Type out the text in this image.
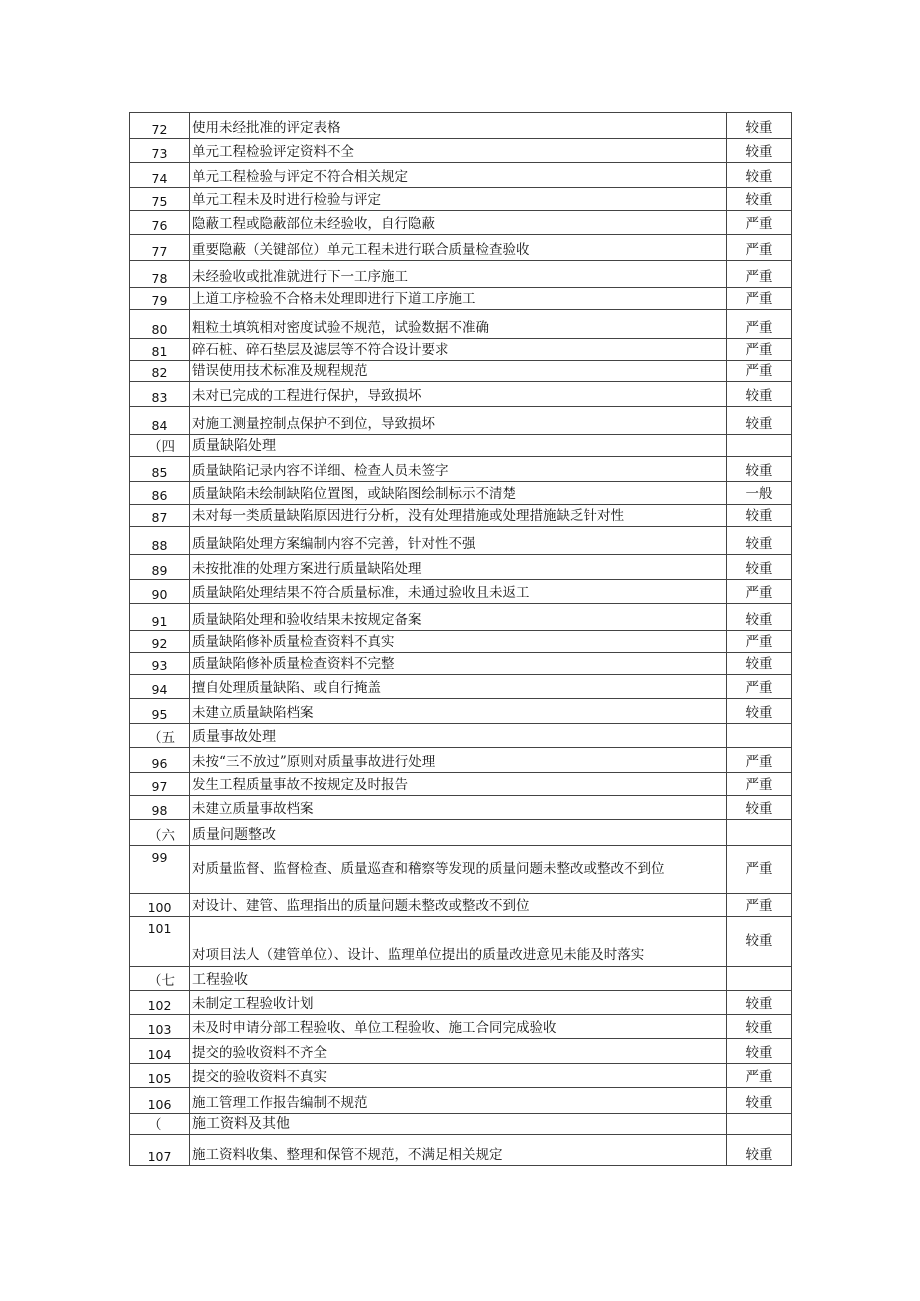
72	使用未经批准的评定表格	较重
73	单元工程检验评定资料不全	较重
74	单元工程检验与评定不符合相关规定	较重
75	单元工程未及时进行检验与评定	较重
76	隐蔽工程或隐蔽部位未经验收，自行隐蔽	严重
77	重要隐蔽（关键部位）单元工程未进行联合质量检查验收	严重
78	未经验收或批准就进行下一工序施工	严重
79	上道工序检验不合格未处理即进行下道工序施工	严重
80	粗粒土填筑相对密度试验不规范，试验数据不准确	严重
81	碎石桩、碎石垫层及滤层等不符合设计要求	严重
82	错误使用技术标准及规程规范	严重
83	未对已完成的工程进行保护，导致损坏	较重
84	对施工测量控制点保护不到位，导致损坏	较重
（四	质量缺陷处理	
85	质量缺陷记录内容不详细、检查人员未签字	较重
86	质量缺陷未绘制缺陷位置图，或缺陷图绘制标示不清楚	一般
87	未对每一类质量缺陷原因进行分析，没有处理措施或处理措施缺乏针对性	较重
88	质量缺陷处理方案编制内容不完善，针对性不强	较重
89	未按批准的处理方案进行质量缺陷处理	较重
90	质量缺陷处理结果不符合质量标准，未通过验收且未返工	严重
91	质量缺陷处理和验收结果未按规定备案	较重
92	质量缺陷修补质量检查资料不真实	严重
93	质量缺陷修补质量检查资料不完整	较重
94	擅自处理质量缺陷、或自行掩盖	严重
95	未建立质量缺陷档案	较重
（五	质量事故处理	
96	未按“三不放过”原则对质量事故进行处理	严重
97	发生工程质量事故不按规定及时报告	严重
98	未建立质量事故档案	较重
（六	质量问题整改	
99	对质量监督、监督检查、质量巡查和稽察等发现的质量问题未整改或整改不到位	严重
100	对设计、建管、监理指出的质量问题未整改或整改不到位	严重
101	对项目法人（建管单位）、设计、监理单位提出的质量改进意见未能及时落实	较重
（七	工程验收	
102	未制定工程验收计划	较重
103	未及时申请分部工程验收、单位工程验收、施工合同完成验收	较重
104	提交的验收资料不齐全	较重
105	提交的验收资料不真实	严重
106	施工管理工作报告编制不规范	较重
（	施工资料及其他	
107	施工资料收集、整理和保管不规范，不满足相关规定	较重
